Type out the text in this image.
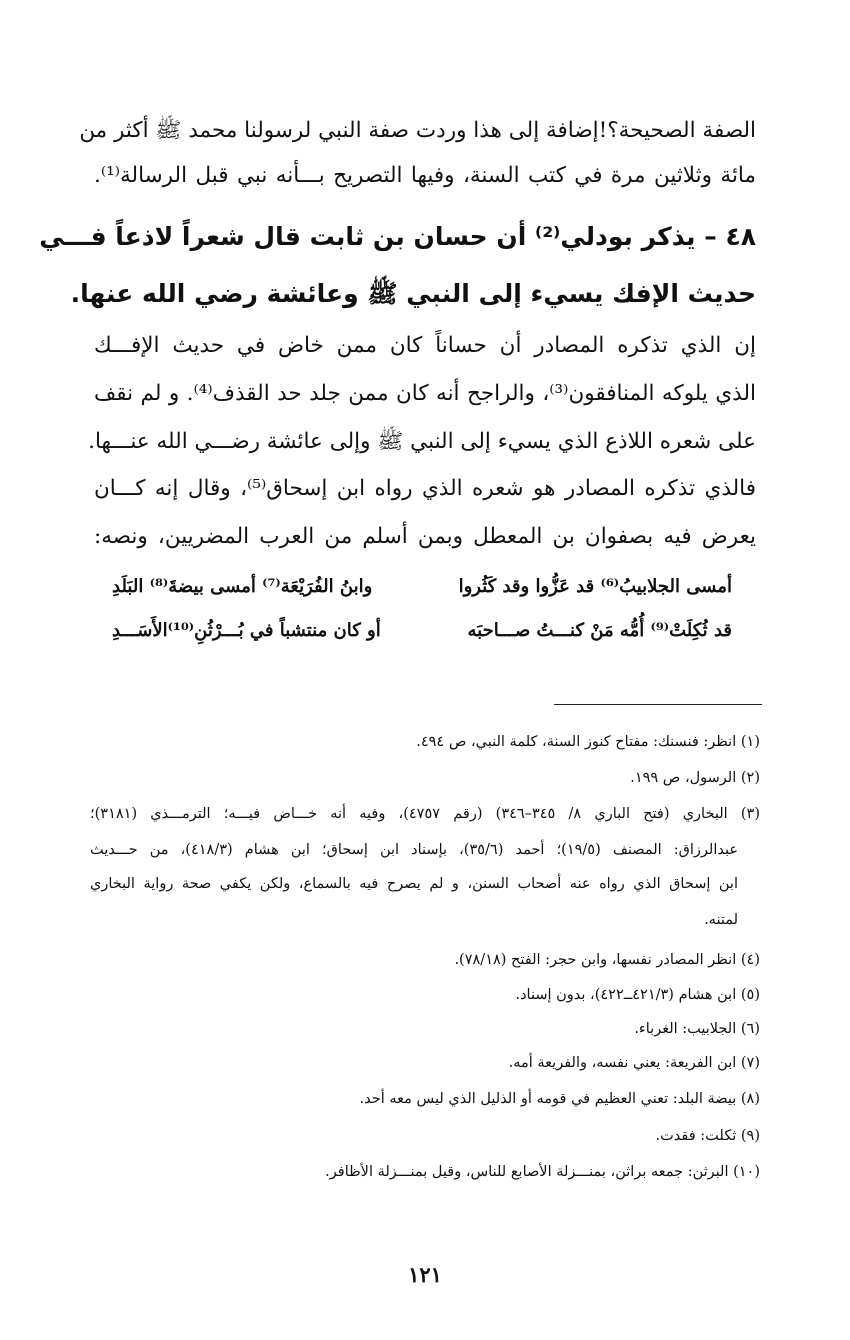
الصفة الصحيحة؟!إضافة إلى هذا وردت صفة النبي لرسولنا محمد ﷺ أكثر من
مائة وثلاثين مرة في كتب السنة، وفيها التصريح بـــأنه نبي قبل الرسالة⁽¹⁾.
٤٨ – يذكر بودلي⁽²⁾ أن حسان بن ثابت قال شعراً لاذعاً فـــي
حديث الإفك يسيء إلى النبي ﷺ وعائشة رضي الله عنها.
إن الذي تذكره المصادر أن حساناً كان ممن خاض في حديث الإفـــك
الذي يلوكه المنافقون⁽³⁾، والراجح أنه كان ممن جلد حد القذف⁽⁴⁾. و لم نقف
على شعره اللاذع الذي يسيء إلى النبي ﷺ وإلى عائشة رضـــي الله عنـــها.
فالذي تذكره المصادر هو شعره الذي رواه ابن إسحاق⁽⁵⁾، وقال إنه كـــان
يعرض فيه بصفوان بن المعطل وبمن أسلم من العرب المضريين، ونصه:
أمسى الجلابيبُ⁽⁶⁾ قد عَزُّوا وقد كَثُروا
وابنُ الفُرَيْعَة⁽⁷⁾ أمسى بيضةَ⁽⁸⁾ البَلَدِ
قد ثُكِلَتْ⁽⁹⁾ أُمُّه مَنْ كنـــتُ صـــاحبَه
أو كان منتشباً في بُـــرْثُنِ⁽¹⁰⁾الأَسَـــدِ
(١) انظر: فنسنك: مفتاح كنوز السنة، كلمة النبي، ص ٤٩٤.
(٢) الرسول، ص ١٩٩.
(٣) البخاري (فتح الباري ٨/ ٣٤٥–٣٤٦) (رقم ٤٧٥٧)، وفيه أنه خـــاض فيـــه؛ الترمـــذي (٣١٨١)؛
عبدالرزاق: المصنف (١٩/٥)؛ أحمد (٣٥/٦)، بإسناد ابن إسحاق؛ ابن هشام (٤١٨/٣)، من حـــديث
ابن إسحاق الذي رواه عنه أصحاب السنن، و لم يصرح فيه بالسماع، ولكن يكفي صحة رواية البخاري
لمتنه.
(٤) انظر المصادر نفسها، وابن حجر: الفتح (٧٨/١٨).
(٥) ابن هشام (٤٢١/٣ــ٤٢٢)، بدون إسناد.
(٦) الجلابيب: الغرباء.
(٧) ابن الفريعة: يعني نفسه، والفريعة أمه.
(٨) بيضة البلد: تعني العظيم في قومه أو الذليل الذي ليس معه أحد.
(٩) ثكلت: فقدت.
(١٠) البرثن: جمعه براثن، بمنـــزلة الأصابع للناس، وقيل بمنـــزلة الأظافر.
١٢١
